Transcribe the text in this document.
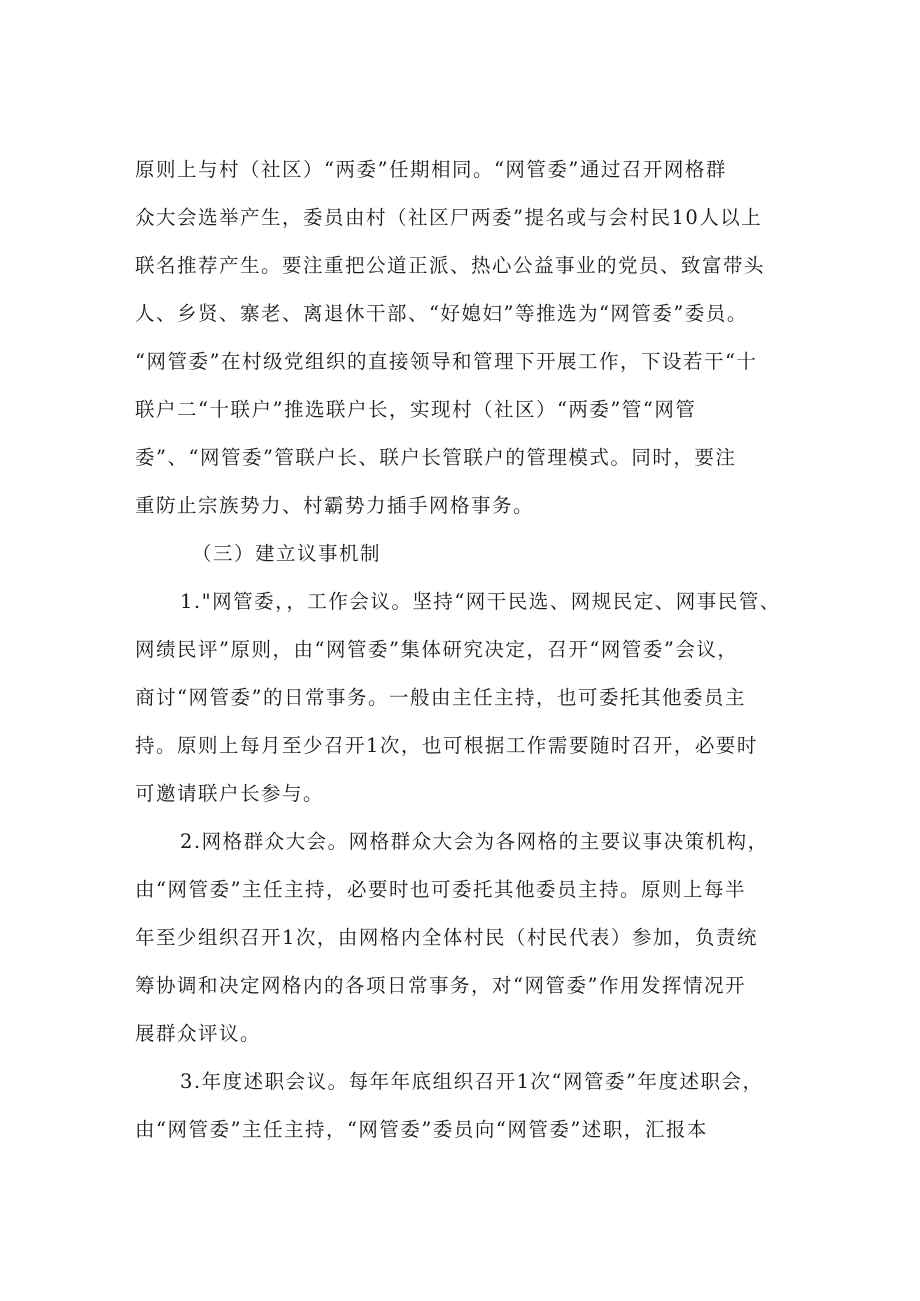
原则上与村（社区）“两委”任期相同。“网管委”通过召开网格群
众大会选举产生，委员由村（社区尸两委”提名或与会村民10人以上
联名推荐产生。要注重把公道正派、热心公益事业的党员、致富带头
人、乡贤、寨老、离退休干部、“好媳妇”等推选为“网管委”委员。
“网管委”在村级党组织的直接领导和管理下开展工作，下设若干“十
联户二“十联户”推选联户长，实现村（社区）“两委”管“网管
委”、“网管委”管联户长、联户长管联户的管理模式。同时，要注
重防止宗族势力、村霸势力插手网格事务。
（三）建立议事机制
1."网管委，，工作会议。坚持“网干民选、网规民定、网事民管、
网绩民评”原则，由“网管委”集体研究决定，召开“网管委”会议，
商讨“网管委”的日常事务。一般由主任主持，也可委托其他委员主
持。原则上每月至少召开1次，也可根据工作需要随时召开，必要时
可邀请联户长参与。
2.网格群众大会。网格群众大会为各网格的主要议事决策机构，
由“网管委”主任主持，必要时也可委托其他委员主持。原则上每半
年至少组织召开1次，由网格内全体村民（村民代表）参加，负责统
筹协调和决定网格内的各项日常事务，对“网管委”作用发挥情况开
展群众评议。
3.年度述职会议。每年年底组织召开1次“网管委”年度述职会，
由“网管委”主任主持，“网管委”委员向“网管委”述职，汇报本
